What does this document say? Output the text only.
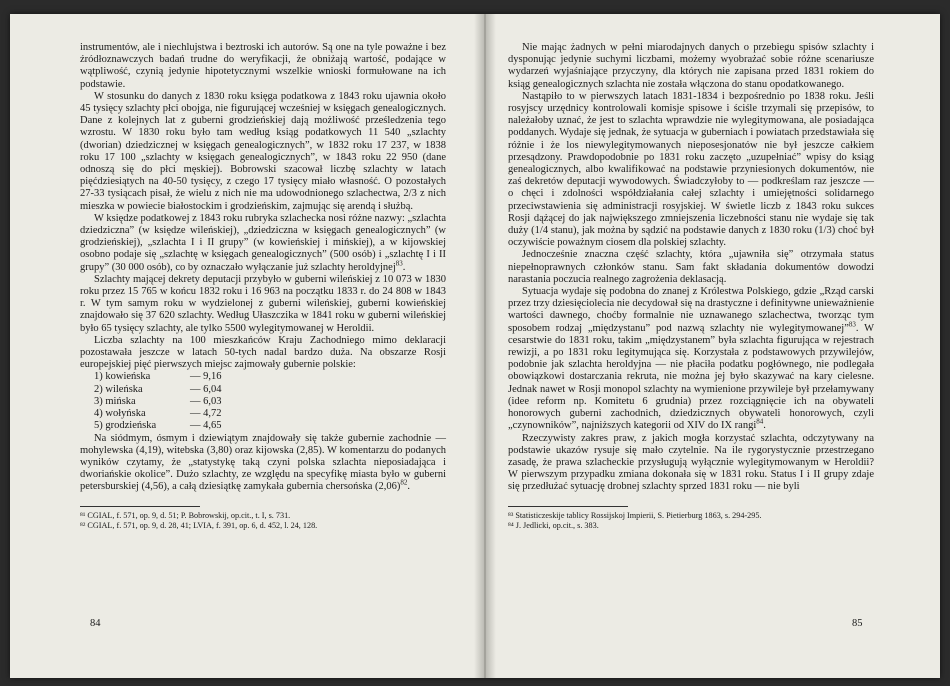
instrumentów, ale i niechlujstwa i beztroski ich autorów. Są one na tyle poważne i bez źródłoznawczych badań trudne do weryfikacji, że obniżają wartość, podające w wątpliwość, czynią jedynie hipotetycznymi wszelkie wnioski formułowane na ich podstawie.

W stosunku do danych z 1830 roku księga podatkowa z 1843 roku ujawnia około 45 tysięcy szlachty płci obojga, nie figurującej wcześniej w księgach genealogicznych. Dane z kolejnych lat z guberni grodzieńskiej dają możliwość prześledzenia tego wzrostu. W 1830 roku było tam według ksiąg podatkowych 11 540 „szlachty (dworian) dziedzicznej w księgach genealogicznych”, w 1832 roku 17 237, w 1838 roku 17 100 „szlachty w księgach genealogicznych”, w 1843 roku 22 950 (dane odnoszą się do płci męskiej). Bobrowski szacował liczbę szlachty w latach pięćdziesiątych na 40-50 tysięcy, z czego 17 tysięcy miało własność. O pozostałych 27-33 tysiącach pisał, że wielu z nich nie ma udowodnionego szlachectwa, 2/3 z nich mieszka w powiecie białostockim i grodzieńskim, zajmując się arendą i służbą.

W księdze podatkowej z 1843 roku rubryka szlachecka nosi różne nazwy: „szlachta dziedziczna” (w księdze wileńskiej), „dziedziczna w księgach genealogicznych” (w grodzieńskiej), „szlachta I i II grupy” (w kowieńskiej i mińskiej), a w kijowskiej osobno podaje się „szlachtę w księgach genealogicznych” (500 osób) i „szlachtę I i II grupy” (30 000 osób), co by oznaczało wyłączanie już szlachty heroldyjnej$^{83}$.

Szlachty mającej dekrety deputacji przybyło w guberni wileńskiej z 10 073 w 1830 roku przez 15 765 w końcu 1832 roku i 16 963 na początku 1833 r. do 24 808 w 1843 r. W tym samym roku w wydzielonej z guberni wileńskiej, guberni kowieńskiej znajdowało się 37 620 szlachty. Według Ułaszczika w 1841 roku w guberni wileńskiej było 65 tysięcy szlachty, ale tylko 5500 wylegitymowanej w Heroldii.

Liczba szlachty na 100 mieszkańców Kraju Zachodniego mimo deklaracji pozostawała jeszcze w latach 50-tych nadal bardzo duża. Na obszarze Rosji europejskiej pięć pierwszych miejsc zajmowały gubernie polskie:

1) kowieńska	— 9,16
2) wileńska	— 6,04
3) mińska	— 6,03
4) wołyńska	— 4,72
5) grodzieńska	— 4,65

Na siódmym, ósmym i dziewiątym znajdowały się także gubernie zachodnie — mohylewska (4,19), witebska (3,80) oraz kijowska (2,85). W komentarzu do podanych wyników czytamy, że „statystykę taką czyni polska szlachta nieposiadająca i dworiańskie okolice”. Dużo szlachty, ze względu na specyfikę miasta było w guberni petersburskiej (4,56), a całą dziesiątkę zamykała gubernia chersońska $(2,06)^{82}$.

⁸¹ CGIAL, f. 571, op. 9, d. 51; P. Bobrowskij, op.cit., t. I, s. 731.

⁸² CGIAL, f. 571, op. 9, d. 28, 41; LVIA, f. 391, op. 6, d. 452, l. 24, 128.

Nie mając żadnych w pełni miarodajnych danych o przebiegu spisów szlachty i dysponując jedynie suchymi liczbami, możemy wyobrażać sobie różne scenariusze wydarzeń wyjaśniające przyczyny, dla których nie zapisana przed 1831 rokiem do ksiąg genealogicznych szlachta nie została włączona do stanu opodatkowanego.

Nastąpiło to w pierwszych latach 1831-1834 i bezpośrednio po 1838 roku. Jeśli rosyjscy urzędnicy kontrolowali komisje spisowe i ściśle trzymali się przepisów, to należałoby uznać, że jest to szlachta wprawdzie nie wylegitymowana, ale posiadająca poddanych. Wydaje się jednak, że sytuacja w guberniach i powiatach przedstawiała się różnie i że los niewylegitymowanych nieposesjonatów nie był jeszcze całkiem przesądzony. Prawdopodobnie po 1831 roku zaczęto „uzupełniać” wpisy do ksiąg genealogicznych, albo kwalifikować na podstawie przyniesionych dokumentów, nie zaś dekretów deputacji wywodowych. Świadczyłoby to — podkreślam raz jeszcze — o chęci i zdolności współdziałania całej szlachty i umiejętności solidarnego przeciwstawienia się administracji rosyjskiej. W świetle liczb z 1843 roku sukces Rosji dążącej do jak największego zmniejszenia liczebności stanu nie wydaje się tak duży (1/4 stanu), jak można by sądzić na podstawie danych z 1830 roku (1/3) choć był oczywiście poważnym ciosem dla polskiej szlachty.

Jednocześnie znaczna część szlachty, która „ujawniła się” otrzymała status niepełnoprawnych członków stanu. Sam fakt składania dokumentów dowodzi narastania poczucia realnego zagrożenia deklasacją.

Sytuacja wydaje się podobna do znanej z Królestwa Polskiego, gdzie „Rząd carski przez trzy dziesięciolecia nie decydował się na drastyczne i definitywne unieważnienie wartości dawnego, choćby formalnie nie uznawanego szlachectwa, tworząc tym sposobem rodzaj „międzystanu” pod nazwą szlachty nie wylegitymowanej”$^{83}$. W cesarstwie do 1831 roku, takim „międzystanem” była szlachta figurująca w rejestrach rewizji, a po 1831 roku legitymująca się. Korzystała z podstawowych przywilejów, podobnie jak szlachta heroldyjna — nie płaciła podatku pogłównego, nie podlegała obowiązkowi dostarczania rekruta, nie można jej było skazywać na kary cielesne. Jednak nawet w Rosji monopol szlachty na wymienione przywileje był przełamywany (idee reform np. Komitetu 6 grudnia) przez rozciągnięcie ich na obywateli honorowych guberni zachodnich, dziedzicznych obywateli honorowych, czyli „czynowników”, najniższych kategorii od XIV do IX rangi$^{84}$.

Rzeczywisty zakres praw, z jakich mogła korzystać szlachta, odczytywany na podstawie ukazów rysuje się mało czytelnie. Na ile rygorystycznie przestrzegano zasadę, że prawa szlacheckie przysługują wyłącznie wylegitymowanym w Heroldii? W pierwszym przypadku zmiana dokonała się w 1831 roku. Status I i II grupy zdaje się przedłużać sytuację drobnej szlachty sprzed 1831 roku — nie byli

⁸³ Statisticzeskije tablicy Rossijskoj Impierii, S. Pietierburg 1863, s. 294-295.

⁸⁴ J. Jedlicki, op.cit., s. 383.

84	85
